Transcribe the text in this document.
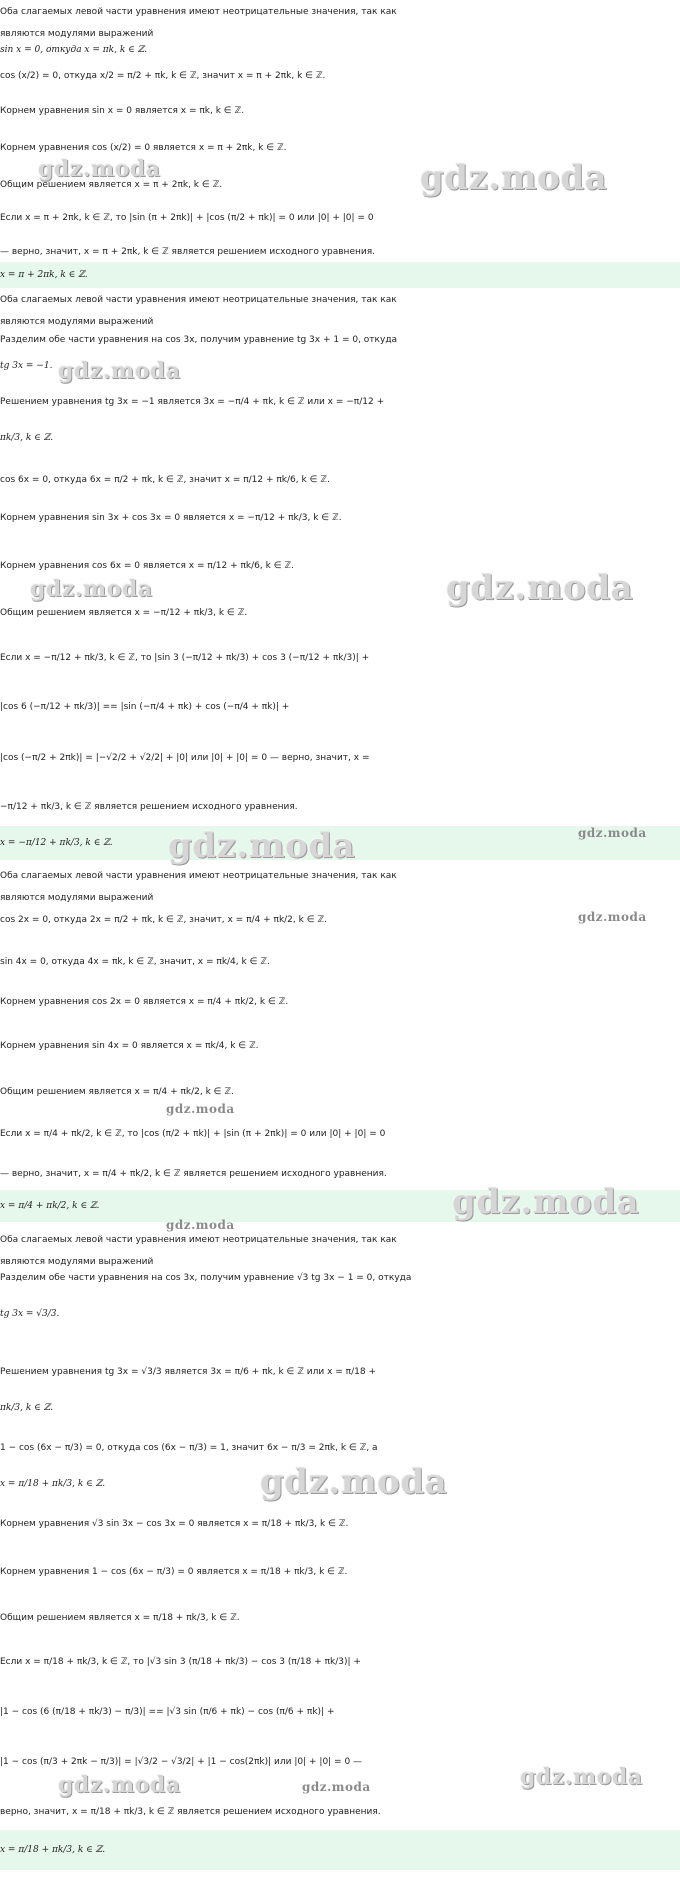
Оба слагаемых левой части уравнения имеют неотрицательные значения, так как
являются модулями выражений
sin x = 0, откуда x = πk, k ∈ ℤ.
cos (x/2) = 0, откуда x/2 = π/2 + πk, k ∈ ℤ, значит x = π + 2πk, k ∈ ℤ.
Корнем уравнения sin x = 0 является x = πk, k ∈ ℤ.
Корнем уравнения cos (x/2) = 0 является x = π + 2πk, k ∈ ℤ.
Общим решением является x = π + 2πk, k ∈ ℤ.
Если x = π + 2πk, k ∈ ℤ, то |sin (π + 2πk)| + |cos (π/2 + πk)| = 0 или |0| + |0| = 0
— верно, значит, x = π + 2πk, k ∈ ℤ является решением исходного уравнения.
x = π + 2πk, k ∈ ℤ.
Оба слагаемых левой части уравнения имеют неотрицательные значения, так как
являются модулями выражений
Разделим обе части уравнения на cos 3x, получим уравнение tg 3x + 1 = 0, откуда
tg 3x = −1.
Решением уравнения tg 3x = −1 является 3x = −π/4 + πk, k ∈ ℤ или x = −π/12 +
πk/3, k ∈ ℤ.
cos 6x = 0, откуда 6x = π/2 + πk, k ∈ ℤ, значит x = π/12 + πk/6, k ∈ ℤ.
Корнем уравнения sin 3x + cos 3x = 0 является x = −π/12 + πk/3, k ∈ ℤ.
Корнем уравнения cos 6x = 0 является x = π/12 + πk/6, k ∈ ℤ.
Общим решением является x = −π/12 + πk/3, k ∈ ℤ.
Если x = −π/12 + πk/3, k ∈ ℤ, то |sin 3 (−π/12 + πk/3) + cos 3 (−π/12 + πk/3)| +
|cos 6 (−π/12 + πk/3)| == |sin (−π/4 + πk) + cos (−π/4 + πk)| +
|cos (−π/2 + 2πk)| = |−√2/2 + √2/2| + |0| или |0| + |0| = 0 — верно, значит, x =
−π/12 + πk/3, k ∈ ℤ является решением исходного уравнения.
x = −π/12 + πk/3, k ∈ ℤ.
Оба слагаемых левой части уравнения имеют неотрицательные значения, так как
являются модулями выражений
cos 2x = 0, откуда 2x = π/2 + πk, k ∈ ℤ, значит, x = π/4 + πk/2, k ∈ ℤ.
sin 4x = 0, откуда 4x = πk, k ∈ ℤ, значит, x = πk/4, k ∈ ℤ.
Корнем уравнения cos 2x = 0 является x = π/4 + πk/2, k ∈ ℤ.
Корнем уравнения sin 4x = 0 является x = πk/4, k ∈ ℤ.
Общим решением является x = π/4 + πk/2, k ∈ ℤ.
Если x = π/4 + πk/2, k ∈ ℤ, то |cos (π/2 + πk)| + |sin (π + 2πk)| = 0 или |0| + |0| = 0
— верно, значит, x = π/4 + πk/2, k ∈ ℤ является решением исходного уравнения.
x = π/4 + πk/2, k ∈ ℤ.
Оба слагаемых левой части уравнения имеют неотрицательные значения, так как
являются модулями выражений
Разделим обе части уравнения на cos 3x, получим уравнение √3 tg 3x − 1 = 0, откуда
tg 3x = √3/3.
Решением уравнения tg 3x = √3/3 является 3x = π/6 + πk, k ∈ ℤ или x = π/18 +
πk/3, k ∈ ℤ.
1 − cos (6x − π/3) = 0, откуда cos (6x − π/3) = 1, значит 6x − π/3 = 2πk, k ∈ ℤ, а
x = π/18 + πk/3, k ∈ ℤ.
Корнем уравнения √3 sin 3x − cos 3x = 0 является x = π/18 + πk/3, k ∈ ℤ.
Корнем уравнения 1 − cos (6x − π/3) = 0 является x = π/18 + πk/3, k ∈ ℤ.
Общим решением является x = π/18 + πk/3, k ∈ ℤ.
Если x = π/18 + πk/3, k ∈ ℤ, то |√3 sin 3 (π/18 + πk/3) − cos 3 (π/18 + πk/3)| +
|1 − cos (6 (π/18 + πk/3) − π/3)| == |√3 sin (π/6 + πk) − cos (π/6 + πk)| +
|1 − cos (π/3 + 2πk − π/3)| = |√3/2 − √3/2| + |1 − cos(2πk)| или |0| + |0| = 0 —
верно, значит, x = π/18 + πk/3, k ∈ ℤ является решением исходного уравнения.
x = π/18 + πk/3, k ∈ ℤ.
gdz.moda	gdz.moda
gdz.moda
gdz.moda	gdz.moda
gdz.moda	gdz.moda
gdz.moda
gdz.moda
gdz.moda
gdz.moda
gdz.moda
gdz.moda	gdz.moda	gdz.moda
